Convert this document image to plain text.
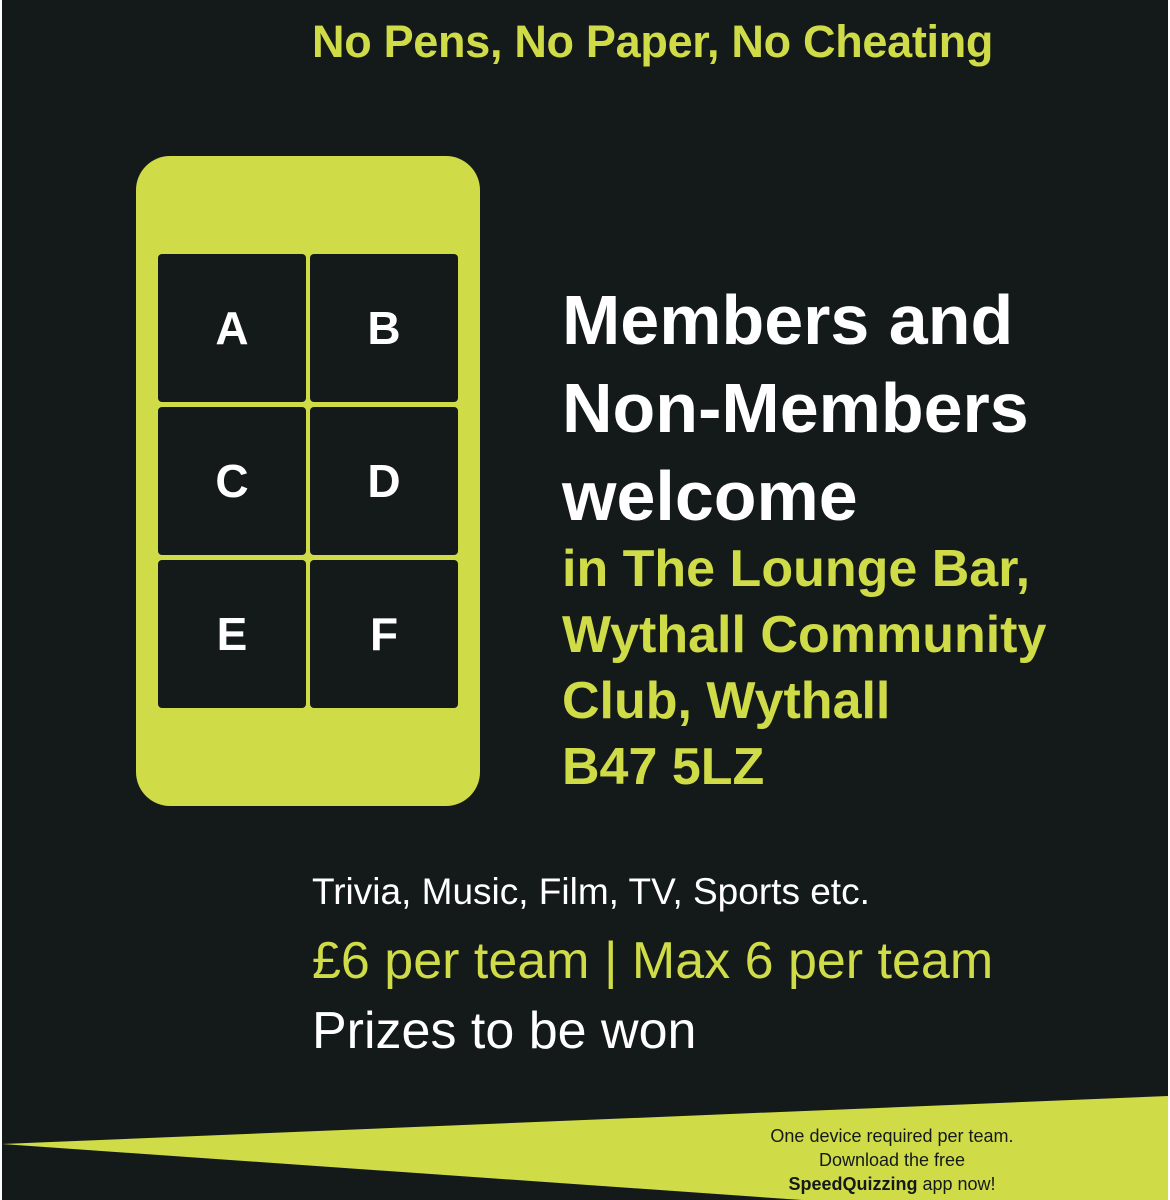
No Pens, No Paper, No Cheating
A	B
C	D
E	F
Members and
Non-Members
welcome
in The Lounge Bar,
Wythall Community
Club, Wythall
B47 5LZ
Trivia, Music, Film, TV, Sports etc.
£6 per team | Max 6 per team
Prizes to be won
One device required per team.
Download the free
SpeedQuizzing app now!
